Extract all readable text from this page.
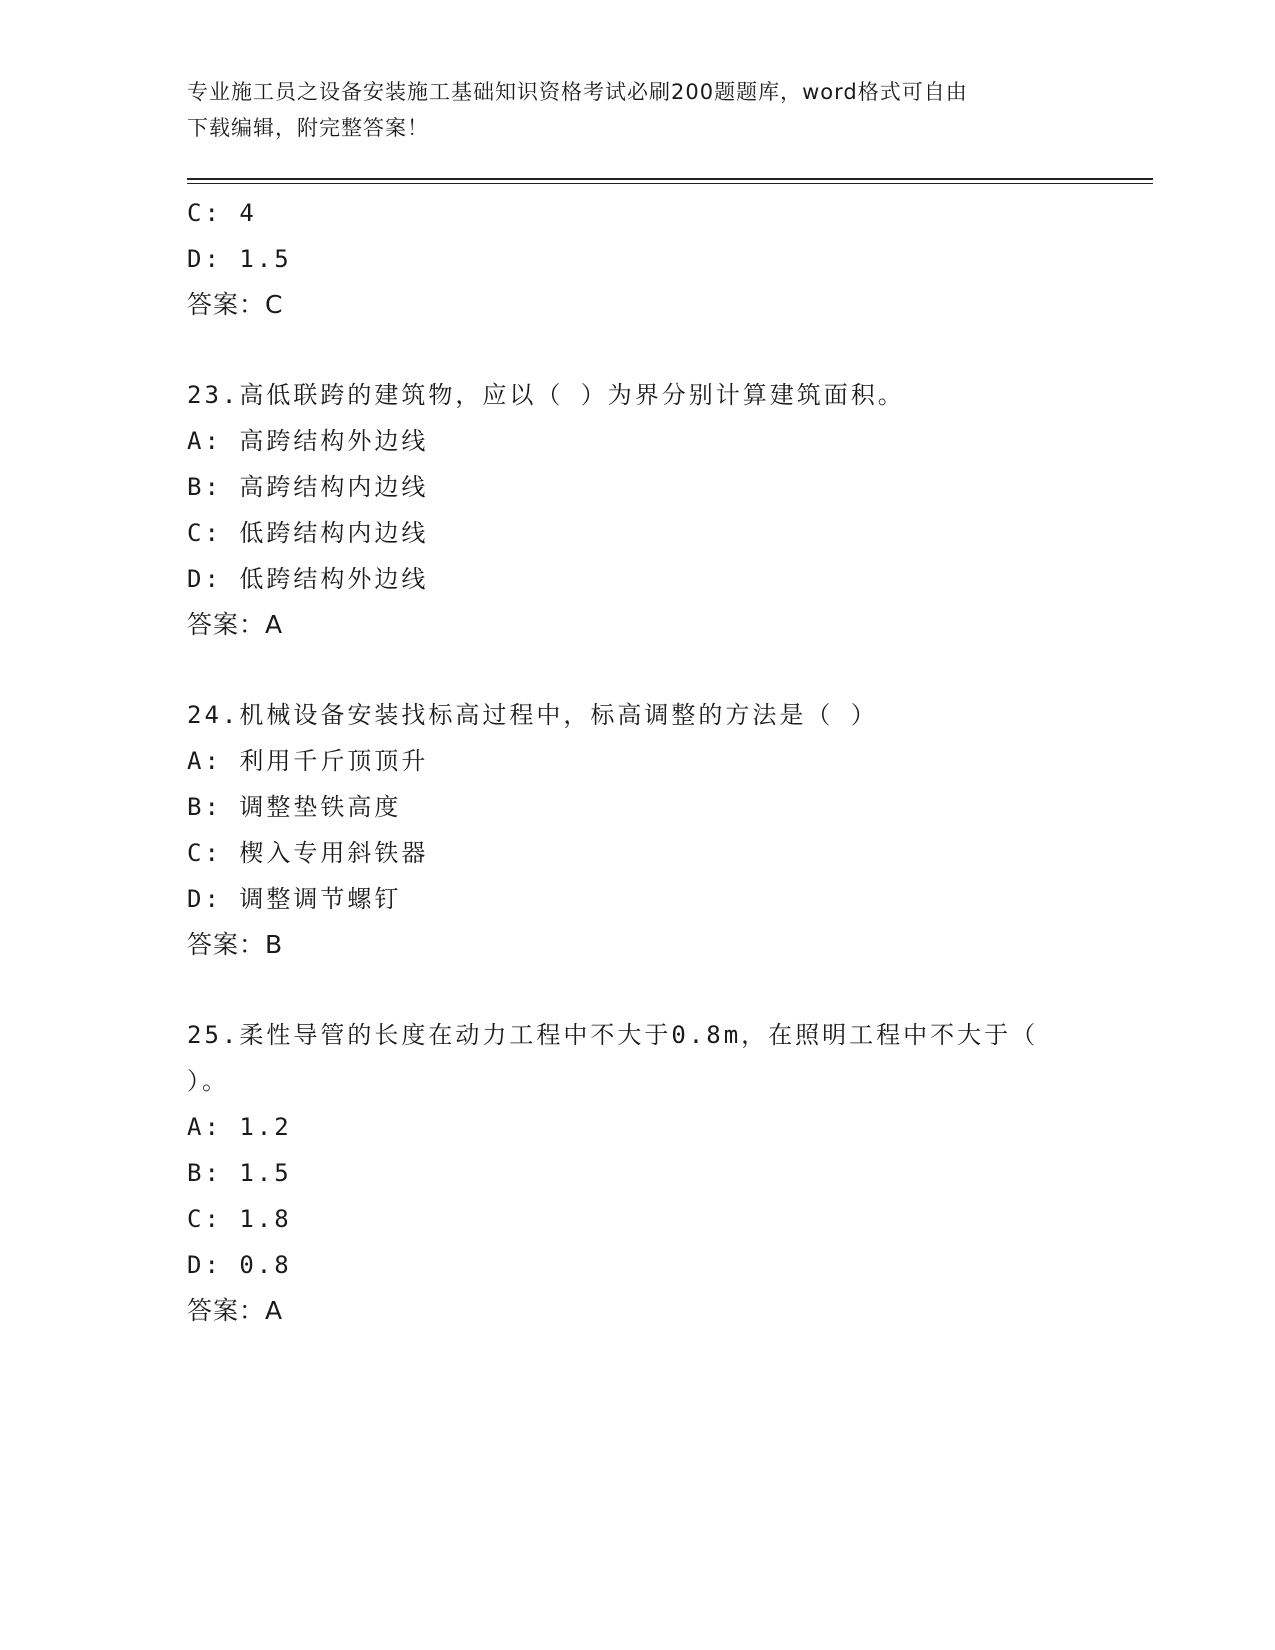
专业施工员之设备安装施工基础知识资格考试必刷200题题库，word格式可自由
下载编辑，附完整答案！
C: 4
D: 1.5
答案：C
23.高低联跨的建筑物，应以（ ）为界分别计算建筑面积。
A: 高跨结构外边线
B: 高跨结构内边线
C: 低跨结构内边线
D: 低跨结构外边线
答案：A
24.机械设备安装找标高过程中，标高调整的方法是（ ）
A: 利用千斤顶顶升
B: 调整垫铁高度
C: 楔入专用斜铁器
D: 调整调节螺钉
答案：B
25.柔性导管的长度在动力工程中不大于0.8m，在照明工程中不大于（
）。
A: 1.2
B: 1.5
C: 1.8
D: 0.8
答案：A
